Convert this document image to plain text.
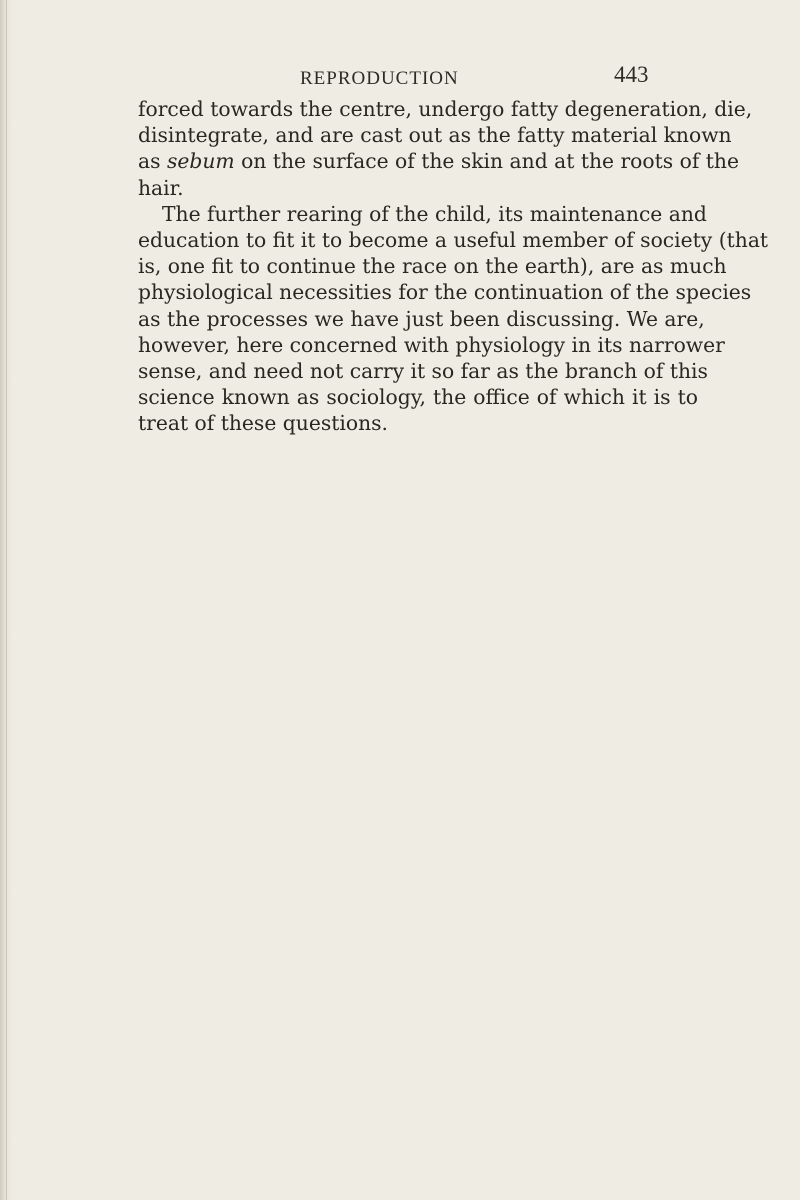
REPRODUCTION	443
forced towards the centre, undergo fatty degeneration, die,
disintegrate, and are cast out as the fatty material known
as sebum on the surface of the skin and at the roots of the
hair.
The further rearing of the child, its maintenance and
education to fit it to become a useful member of society (that
is, one fit to continue the race on the earth), are as much
physiological necessities for the continuation of the species
as the processes we have just been discussing. We are,
however, here concerned with physiology in its narrower
sense, and need not carry it so far as the branch of this
science known as sociology, the office of which it is to
treat of these questions.
